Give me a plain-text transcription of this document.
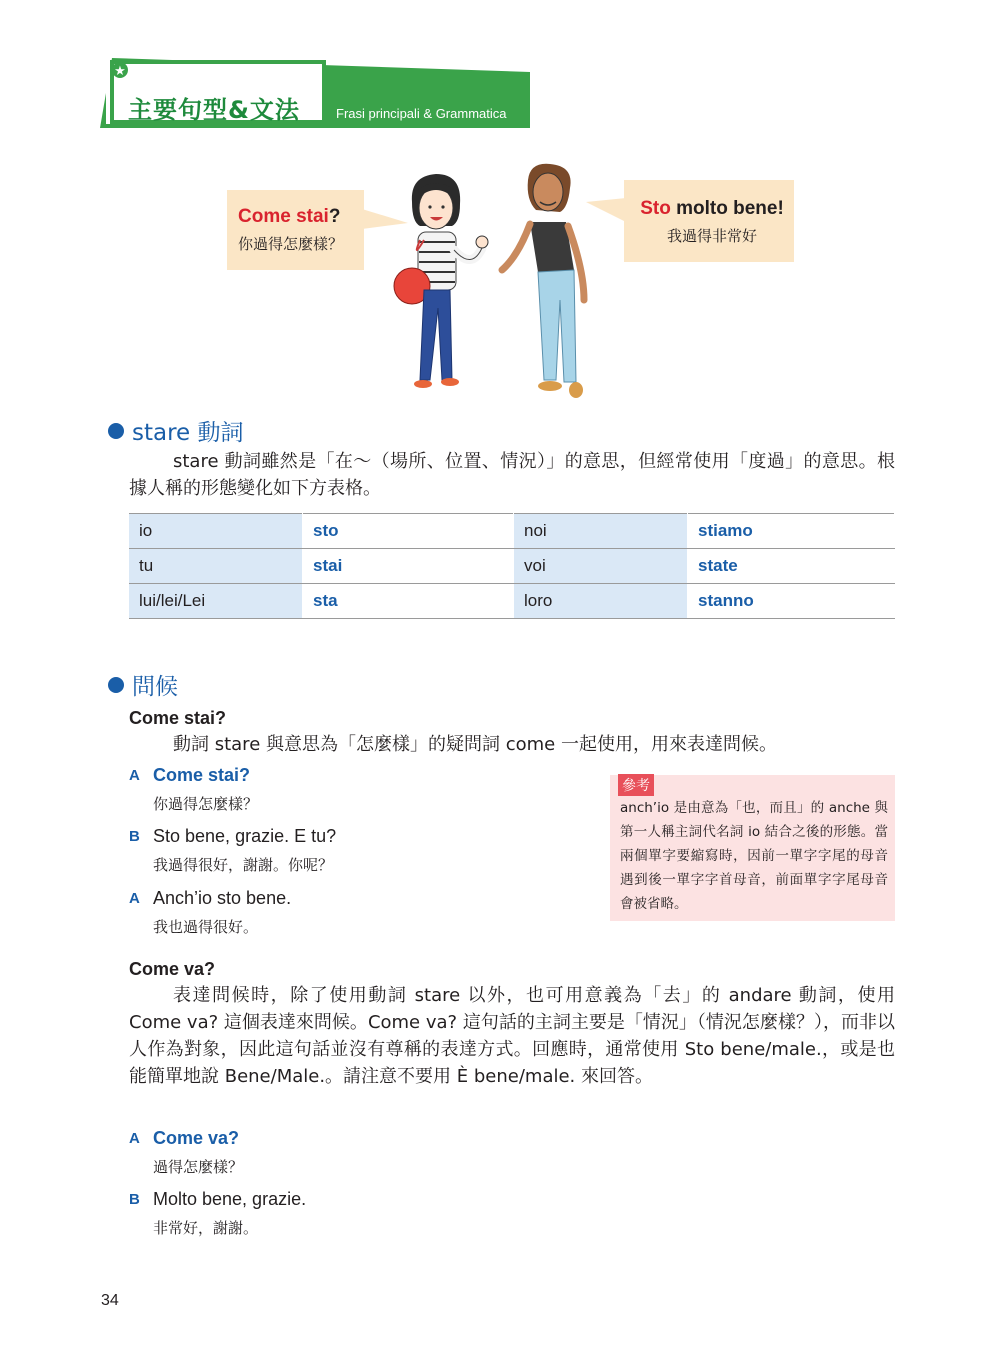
★
主要句型&文法	Frasi principali & Grammatica
Come stai?
你過得怎麼樣？
Sto molto bene!
我過得非常好
stare 動詞
stare 動詞雖然是「在～（場所、位置、情況）」的意思，但經常使用「度過」的意思。根據人稱的形態變化如下方表格。
io	sto	noi	stiamo
tu	stai	voi	state
lui/lei/Lei	sta	loro	stanno
問候
Come stai?
動詞 stare 與意思為「怎麼樣」的疑問詞 come 一起使用，用來表達問候。
A Come stai?
你過得怎麼樣？
B Sto bene, grazie. E tu?
我過得很好，謝謝。你呢？
A Anch’io sto bene.
我也過得很好。
參考
anch’io 是由意為「也，而且」的 anche 與第一人稱主詞代名詞 io 結合之後的形態。當兩個單字要縮寫時，因前一單字字尾的母音遇到後一單字字首母音，前面單字字尾母音會被省略。
Come va?
表達問候時，除了使用動詞 stare 以外，也可用意義為「去」的 andare 動詞，使用 Come va? 這個表達來問候。Come va? 這句話的主詞主要是「情況」（情況怎麼樣？），而非以人作為對象，因此這句話並沒有尊稱的表達方式。回應時，通常使用 Sto bene/male.，或是也能簡單地說 Bene/Male.。請注意不要用 È bene/male. 來回答。
A Come va?
過得怎麼樣？
B Molto bene, grazie.
非常好，謝謝。
34
